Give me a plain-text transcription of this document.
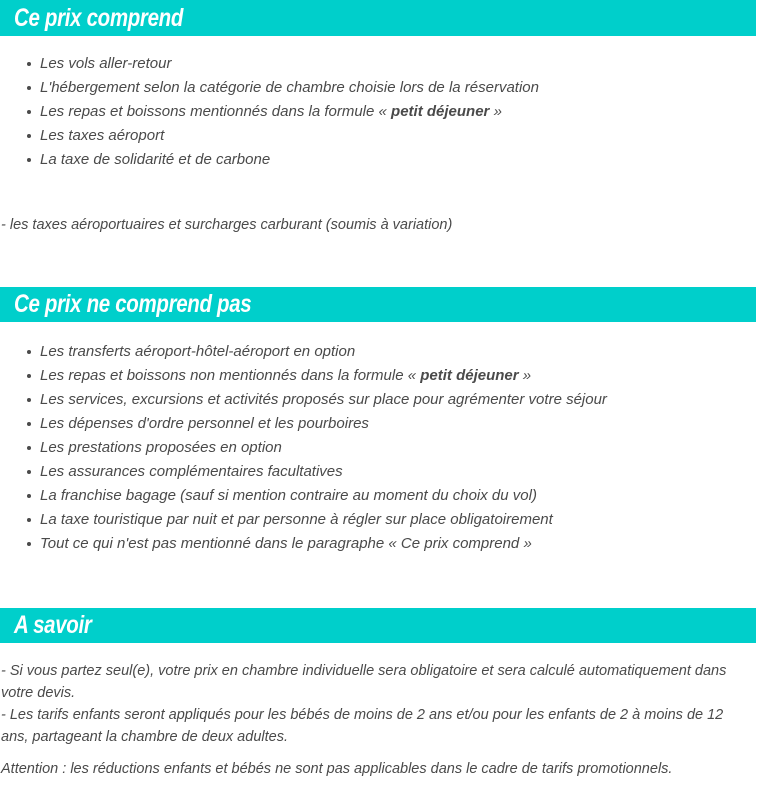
Ce prix comprend
Les vols aller-retour
L'hébergement selon la catégorie de chambre choisie lors de la réservation
Les repas et boissons mentionnés dans la formule « petit déjeuner »
Les taxes aéroport
La taxe de solidarité et de carbone

- les taxes aéroportuaires et surcharges carburant (soumis à variation)

Ce prix ne comprend pas
Les transferts aéroport-hôtel-aéroport en option
Les repas et boissons non mentionnés dans la formule « petit déjeuner »
Les services, excursions et activités proposés sur place pour agrémenter votre séjour
Les dépenses d'ordre personnel et les pourboires
Les prestations proposées en option
Les assurances complémentaires facultatives
La franchise bagage (sauf si mention contraire au moment du choix du vol)
La taxe touristique par nuit et par personne à régler sur place obligatoirement
Tout ce qui n'est pas mentionné dans le paragraphe « Ce prix comprend »
A savoir

- Si vous partez seul(e), votre prix en chambre individuelle sera obligatoire et sera calculé automatiquement dans votre devis.

- Les tarifs enfants seront appliqués pour les bébés de moins de 2 ans et/ou pour les enfants de 2 à moins de 12 ans, partageant la chambre de deux adultes.

Attention : les réductions enfants et bébés ne sont pas applicables dans le cadre de tarifs promotionnels.
